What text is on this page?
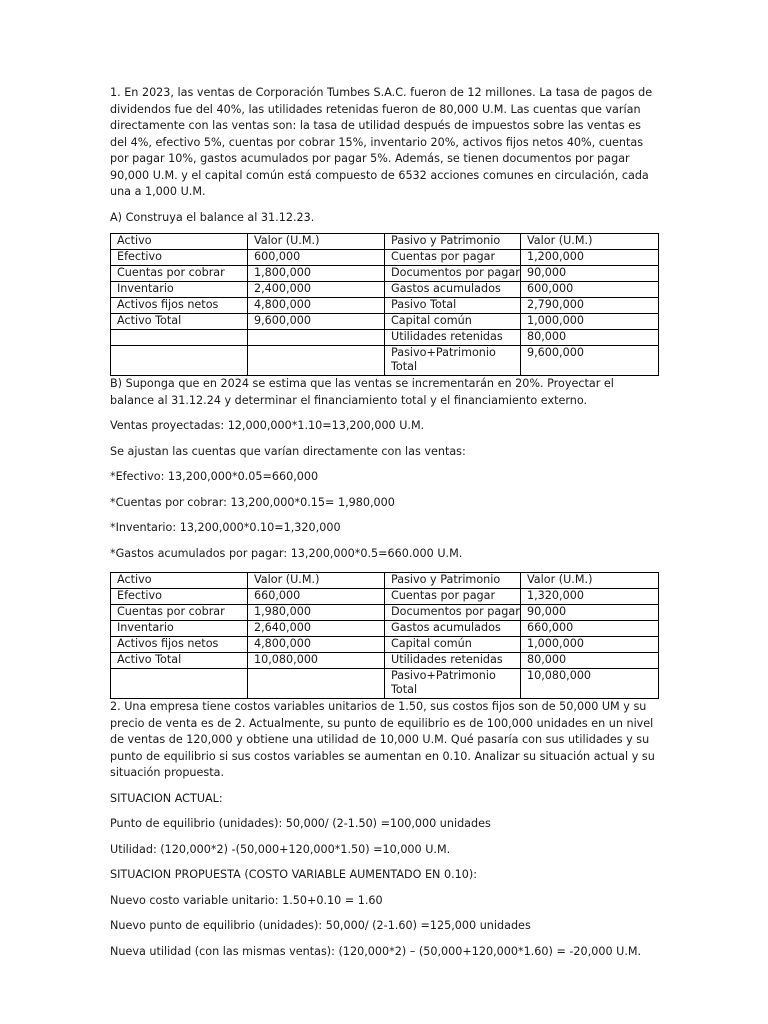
1. En 2023, las ventas de Corporación Tumbes S.A.C. fueron de 12 millones. La tasa de pagos de dividendos fue del 40%, las utilidades retenidas fueron de 80,000 U.M. Las cuentas que varían directamente con las ventas son: la tasa de utilidad después de impuestos sobre las ventas es del 4%, efectivo 5%, cuentas por cobrar 15%, inventario 20%, activos fijos netos 40%, cuentas por pagar 10%, gastos acumulados por pagar 5%. Además, se tienen documentos por pagar 90,000 U.M. y el capital común está compuesto de 6532 acciones comunes en circulación, cada una a 1,000 U.M.

A) Construya el balance al 31.12.23.

Activo	Valor (U.M.)	Pasivo y Patrimonio	Valor (U.M.)
Efectivo	600,000	Cuentas por pagar	1,200,000
Cuentas por cobrar	1,800,000	Documentos por pagar	90,000
Inventario	2,400,000	Gastos acumulados	600,000
Activos fijos netos	4,800,000	Pasivo Total	2,790,000
Activo Total	9,600,000	Capital común	1,000,000
		Utilidades retenidas	80,000
		Pasivo+Patrimonio Total	9,600,000

B) Suponga que en 2024 se estima que las ventas se incrementarán en 20%. Proyectar el balance al 31.12.24 y determinar el financiamiento total y el financiamiento externo.

Ventas proyectadas: 12,000,000*1.10=13,200,000 U.M.

Se ajustan las cuentas que varían directamente con las ventas:

*Efectivo: 13,200,000*0.05=660,000

*Cuentas por cobrar: 13,200,000*0.15= 1,980,000

*Inventario: 13,200,000*0.10=1,320,000

*Gastos acumulados por pagar: 13,200,000*0.5=660.000 U.M.

Activo	Valor (U.M.)	Pasivo y Patrimonio	Valor (U.M.)
Efectivo	660,000	Cuentas por pagar	1,320,000
Cuentas por cobrar	1,980,000	Documentos por pagar	90,000
Inventario	2,640,000	Gastos acumulados	660,000
Activos fijos netos	4,800,000	Capital común	1,000,000
Activo Total	10,080,000	Utilidades retenidas	80,000
		Pasivo+Patrimonio Total	10,080,000

2. Una empresa tiene costos variables unitarios de 1.50, sus costos fijos son de 50,000 UM y su precio de venta es de 2. Actualmente, su punto de equilibrio es de 100,000 unidades en un nivel de ventas de 120,000 y obtiene una utilidad de 10,000 U.M. Qué pasaría con sus utilidades y su punto de equilibrio si sus costos variables se aumentan en 0.10. Analizar su situación actual y su situación propuesta.

SITUACION ACTUAL:

Punto de equilibrio (unidades): 50,000/ (2-1.50) =100,000 unidades

Utilidad: (120,000*2) -(50,000+120,000*1.50) =10,000 U.M.

SITUACION PROPUESTA (COSTO VARIABLE AUMENTADO EN 0.10):

Nuevo costo variable unitario: 1.50+0.10 = 1.60

Nuevo punto de equilibrio (unidades): 50,000/ (2-1.60) =125,000 unidades

Nueva utilidad (con las mismas ventas): (120,000*2) – (50,000+120,000*1.60) = -20,000 U.M.
